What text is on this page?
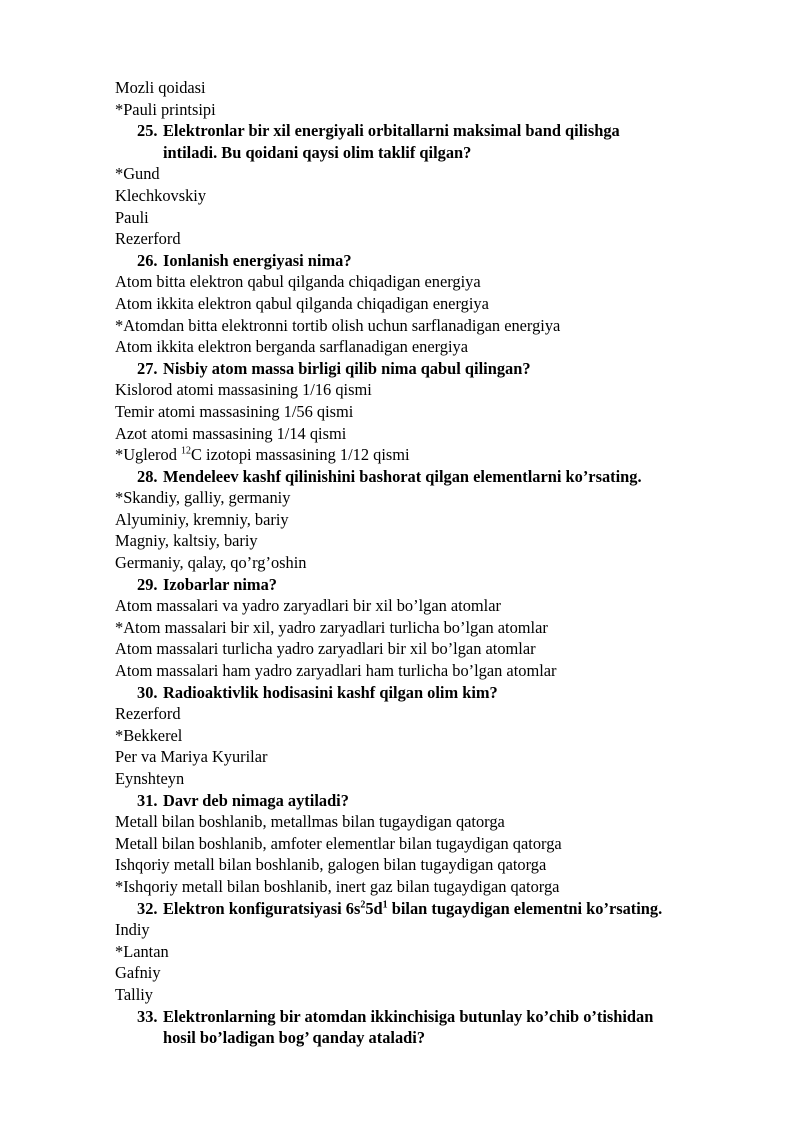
Mozli qoidasi
*Pauli printsipi
25. Elektronlar bir xil energiyali orbitallarni maksimal band qilishga
intiladi. Bu qoidani qaysi olim taklif qilgan?
*Gund
Klechkovskiy
Pauli
Rezerford
26. Ionlanish energiyasi nima?
Atom bitta elektron qabul qilganda chiqadigan energiya
Atom ikkita elektron qabul qilganda chiqadigan energiya
*Atomdan bitta elektronni tortib olish uchun sarflanadigan energiya
Atom ikkita elektron berganda sarflanadigan energiya
27. Nisbiy atom massa birligi qilib nima qabul qilingan?
Kislorod atomi massasining 1/16 qismi
Temir atomi massasining 1/56 qismi
Azot atomi massasining 1/14 qismi
*Uglerod $^{12}$C izotopi massasining 1/12 qismi
28. Mendeleev kashf qilinishini bashorat qilgan elementlarni ko’rsating.
*Skandiy, galliy, germaniy
Alyuminiy, kremniy, bariy
Magniy, kaltsiy, bariy
Germaniy, qalay, qo’rg’oshin
29. Izobarlar nima?
Atom massalari va yadro zaryadlari bir xil bo’lgan atomlar
*Atom massalari bir xil, yadro zaryadlari turlicha bo’lgan atomlar
Atom massalari turlicha yadro zaryadlari bir xil bo’lgan atomlar
Atom massalari ham yadro zaryadlari ham turlicha bo’lgan atomlar
30. Radioaktivlik hodisasini kashf qilgan olim kim?
Rezerford
*Bekkerel
Per va Mariya Kyurilar
Eynshteyn
31. Davr deb nimaga aytiladi?
Metall bilan boshlanib, metallmas bilan tugaydigan qatorga
Metall bilan boshlanib, amfoter elementlar bilan tugaydigan qatorga
Ishqoriy metall bilan boshlanib, galogen bilan tugaydigan qatorga
*Ishqoriy metall bilan boshlanib, inert gaz bilan tugaydigan qatorga
32. Elektron konfiguratsiyasi $6s^25d^1$ bilan tugaydigan elementni ko’rsating.
Indiy
*Lantan
Gafniy
Talliy
33. Elektronlarning bir atomdan ikkinchisiga butunlay ko’chib o’tishidan
hosil bo’ladigan bog’ qanday ataladi?
